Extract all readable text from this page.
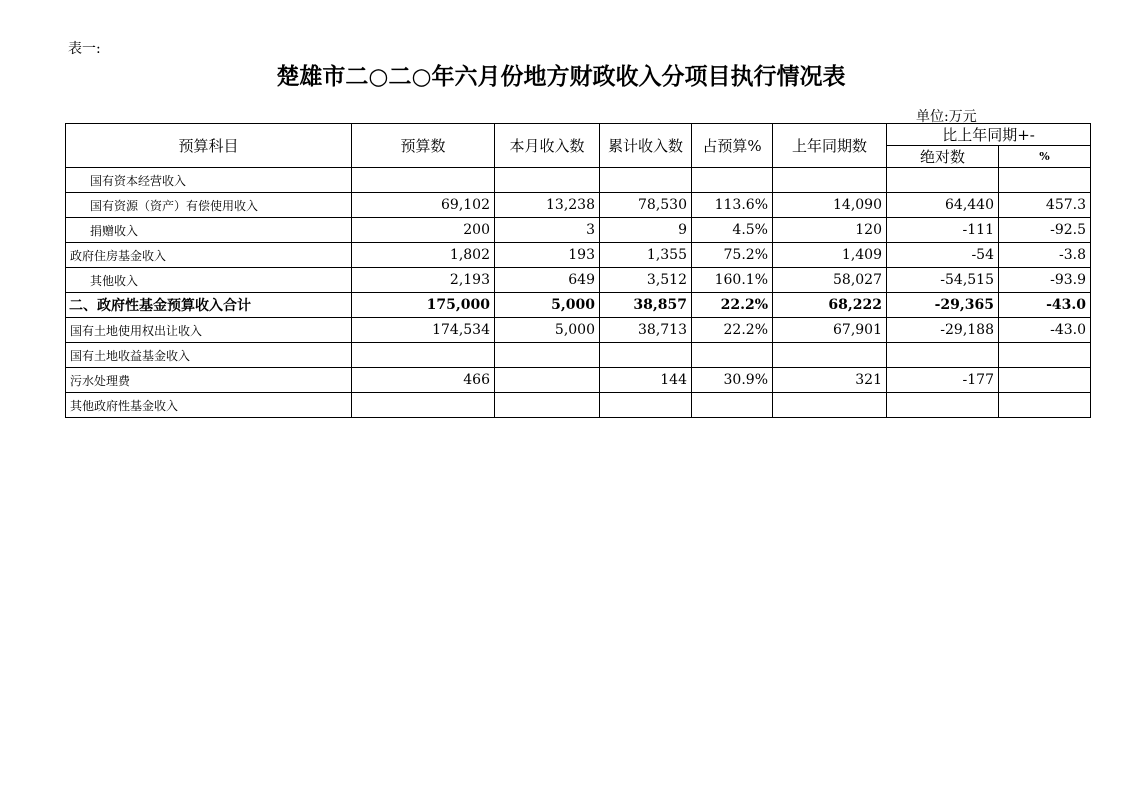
表一:
楚雄市二○二○年六月份地方财政收入分项目执行情况表
单位:万元
预算科目	预算数	本月收入数	累计收入数	占预算%	上年同期数	比上年同期+-	
						绝对数	%
国有资本经营收入							
国有资源（资产）有偿使用收入	69,102	13,238	78,530	113.6%	14,090	64,440	457.3
捐赠收入	200	3	9	4.5%	120	-111	-92.5
政府住房基金收入	1,802	193	1,355	75.2%	1,409	-54	-3.8
其他收入	2,193	649	3,512	160.1%	58,027	-54,515	-93.9
二、政府性基金预算收入合计	175,000	5,000	38,857	22.2%	68,222	-29,365	-43.0
国有土地使用权出让收入	174,534	5,000	38,713	22.2%	67,901	-29,188	-43.0
国有土地收益基金收入							
污水处理费	466		144	30.9%	321	-177	
其他政府性基金收入							
